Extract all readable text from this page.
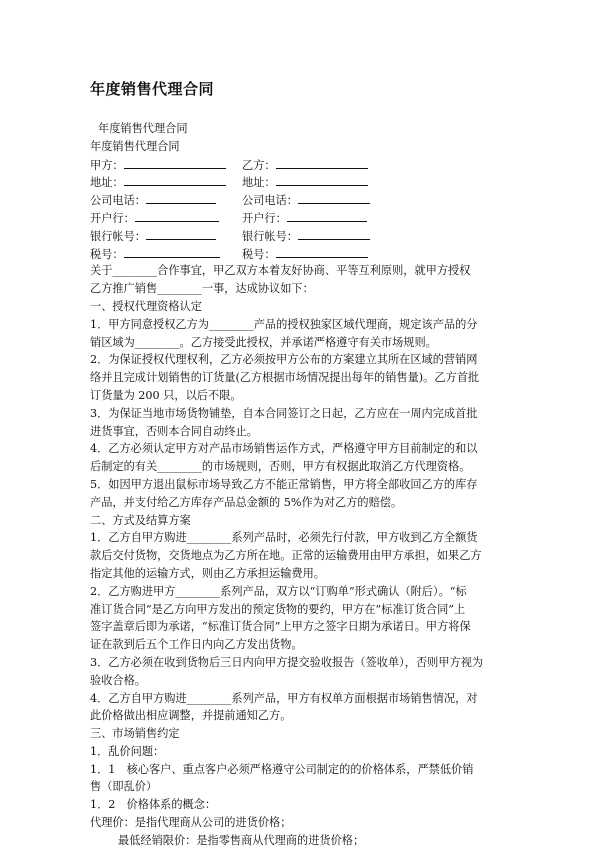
年度销售代理合同
年度销售代理合同
年度销售代理合同
甲方：	乙方：
地址：	地址：
公司电话：	公司电话：
开户行：	开户行：
银行帐号：	银行帐号：
税号：	税号：
关于________合作事宜，甲乙双方本着友好协商、平等互利原则，就甲方授权
乙方推广销售________一事，达成协议如下：
一、授权代理资格认定
1．甲方同意授权乙方为________产品的授权独家区域代理商，规定该产品的分
销区域为________。乙方接受此授权，并承诺严格遵守有关市场规则。
2．为保证授权代理权利，乙方必须按甲方公布的方案建立其所在区域的营销网
络并且完成计划销售的订货量(乙方根据市场情况提出每年的销售量)。乙方首批
订货量为 200 只，以后不限。
3．为保证当地市场货物铺垫，自本合同签订之日起，乙方应在一周内完成首批
进货事宜，否则本合同自动终止。
4．乙方必须认定甲方对产品市场销售运作方式，严格遵守甲方目前制定的和以
后制定的有关________的市场规则，否则，甲方有权据此取消乙方代理资格。
5．如因甲方退出鼠标市场导致乙方不能正常销售，甲方将全部收回乙方的库存
产品，并支付给乙方库存产品总金额的 5%作为对乙方的赔偿。
二、方式及结算方案
1．乙方自甲方购进________系列产品时，必须先行付款，甲方收到乙方全额货
款后交付货物，交货地点为乙方所在地。正常的运输费用由甲方承担，如果乙方
指定其他的运输方式，则由乙方承担运输费用。
2．乙方购进甲方________系列产品，双方以“订购单”形式确认（附后）。“标
准订货合同”是乙方向甲方发出的预定货物的要约，甲方在“标准订货合同”上
签字盖章后即为承诺，“标准订货合同”上甲方之签字日期为承诺日。甲方将保
证在款到后五个工作日内向乙方发出货物。
3．乙方必须在收到货物后三日内向甲方提交验收报告（签收单），否则甲方视为
验收合格。
4．乙方自甲方购进________系列产品，甲方有权单方面根据市场销售情况，对
此价格做出相应调整，并提前通知乙方。
三、市场销售约定
1．乱价问题：
1．1　核心客户、重点客户必须严格遵守公司制定的的价格体系，严禁低价销
售（即乱价）
1．2　价格体系的概念：
代理价：是指代理商从公司的进货价格；
最低经销限价：是指零售商从代理商的进货价格；
